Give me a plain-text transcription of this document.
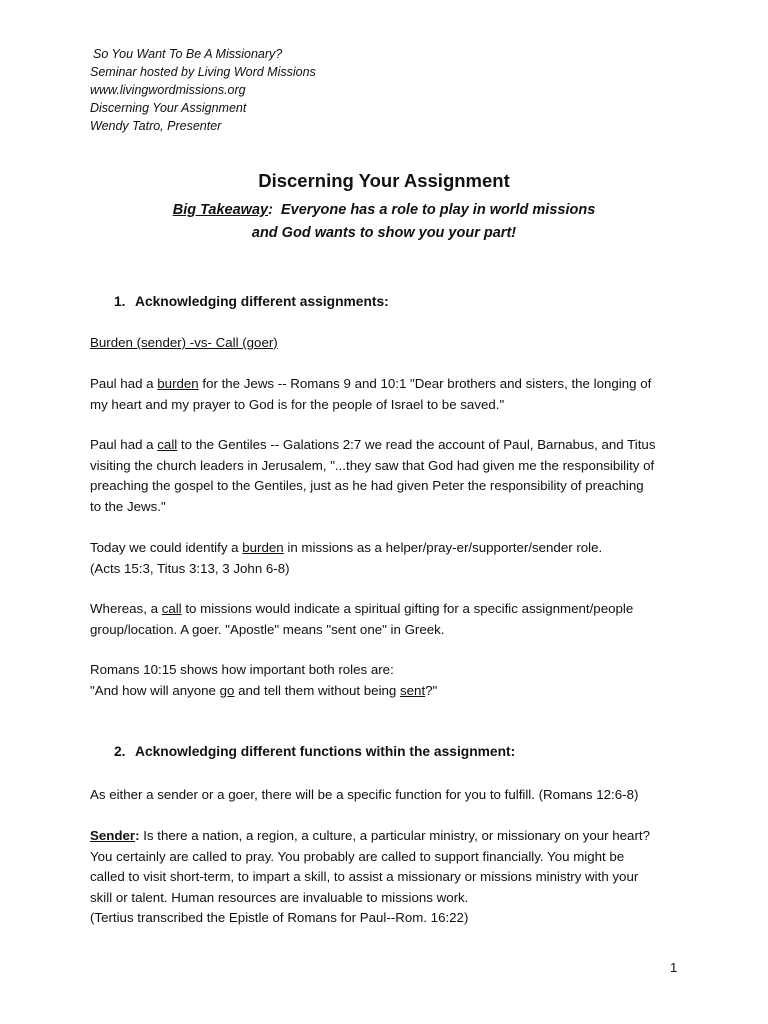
So You Want To Be A Missionary?
Seminar hosted by Living Word Missions
www.livingwordmissions.org
Discerning Your Assignment
Wendy Tatro, Presenter
Discerning Your Assignment
Big Takeaway: Everyone has a role to play in world missions
and God wants to show you your part!
1. Acknowledging different assignments:
Burden (sender) -vs- Call (goer)
Paul had a burden for the Jews -- Romans 9 and 10:1 "Dear brothers and sisters, the longing of
my heart and my prayer to God is for the people of Israel to be saved."
Paul had a call to the Gentiles -- Galations 2:7 we read the account of Paul, Barnabus, and Titus
visiting the church leaders in Jerusalem, "...they saw that God had given me the responsibility of
preaching the gospel to the Gentiles, just as he had given Peter the responsibility of preaching
to the Jews."
Today we could identify a burden in missions as a helper/pray-er/supporter/sender role.
(Acts 15:3, Titus 3:13, 3 John 6-8)
Whereas, a call to missions would indicate a spiritual gifting for a specific assignment/people
group/location. A goer. "Apostle" means "sent one" in Greek.
Romans 10:15 shows how important both roles are:
"And how will anyone go and tell them without being sent?"
2. Acknowledging different functions within the assignment:
As either a sender or a goer, there will be a specific function for you to fulfill. (Romans 12:6-8)
Sender: Is there a nation, a region, a culture, a particular ministry, or missionary on your heart?
You certainly are called to pray. You probably are called to support financially. You might be
called to visit short-term, to impart a skill, to assist a missionary or missions ministry with your
skill or talent. Human resources are invaluable to missions work.
(Tertius transcribed the Epistle of Romans for Paul--Rom. 16:22)
1
